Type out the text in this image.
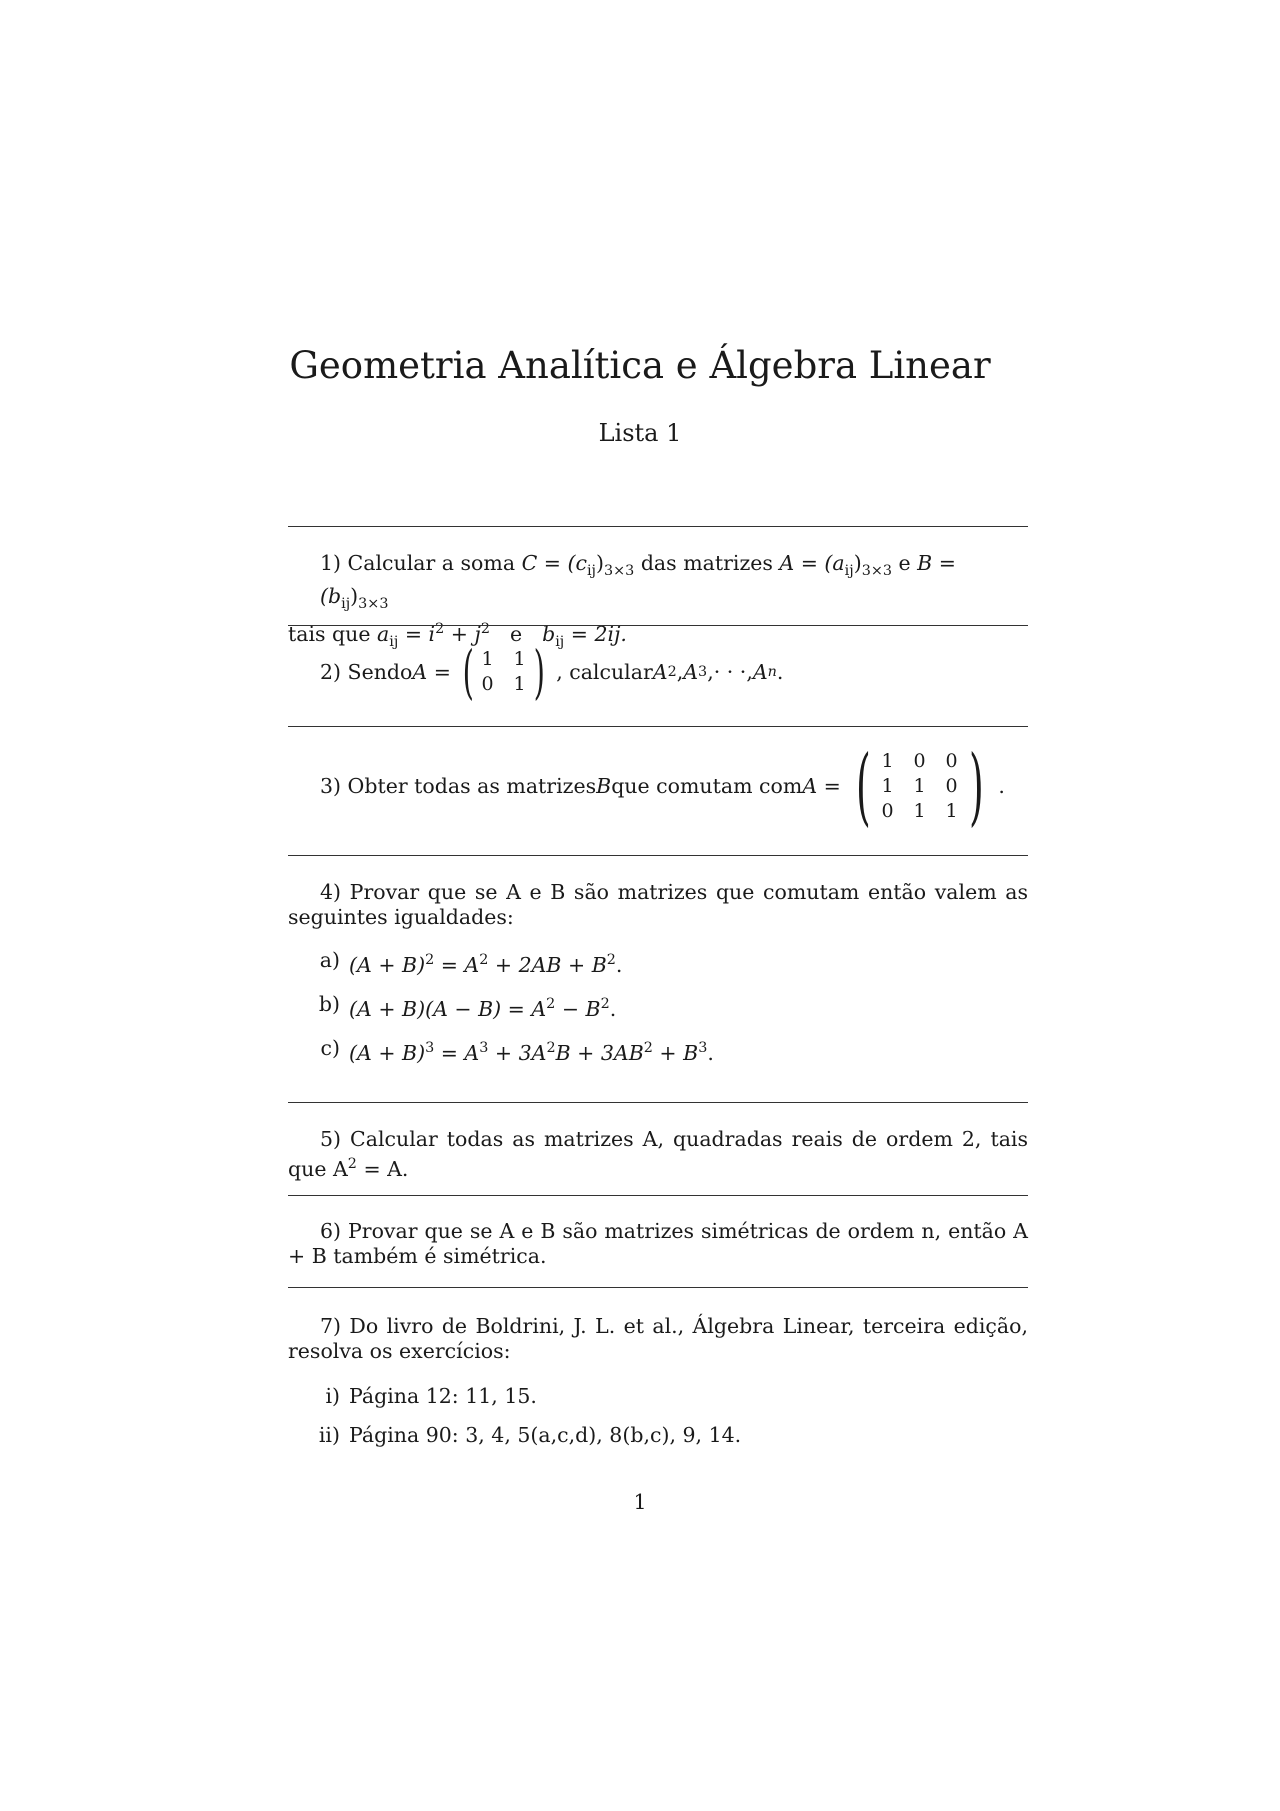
Geometria Analítica e Álgebra Linear
Lista 1
1) Calcular a soma $C = (c_{ij})_{3\times 3}$ das matrizes $A = (a_{ij})_{3\times 3}$ e $B = (b_{ij})_{3\times 3}$
tais que $a_{ij} = i^2 + j^2$ e $b_{ij} = 2ij$.
2) Sendo A = ( 1 1
0 1 ) , calcular A 2 , A 3 , · · · , A n .
3) Obter todas as matrizes B que comutam com A = ( 1 0 0
1 1 0
0 1 1 ) .
4) Provar que se A e B são matrizes que comutam então valem as seguintes igualdades:
a) $(A + B)^2 = A^2 + 2AB + B^2$.
b) $(A + B)(A - B) = A^2 - B^2$.
c) $(A + B)^3 = A^3 + 3A^2B + 3AB^2 + B^3$.
5) Calcular todas as matrizes A, quadradas reais de ordem 2, tais que $A^2 = A$.
6) Provar que se A e B são matrizes simétricas de ordem n, então A + B também é simétrica.
7) Do livro de Boldrini, J. L. et al., Álgebra Linear, terceira edição, resolva os exercícios:
i) Página 12: 11, 15.
ii) Página 90: 3, 4, 5(a,c,d), 8(b,c), 9, 14.
1
